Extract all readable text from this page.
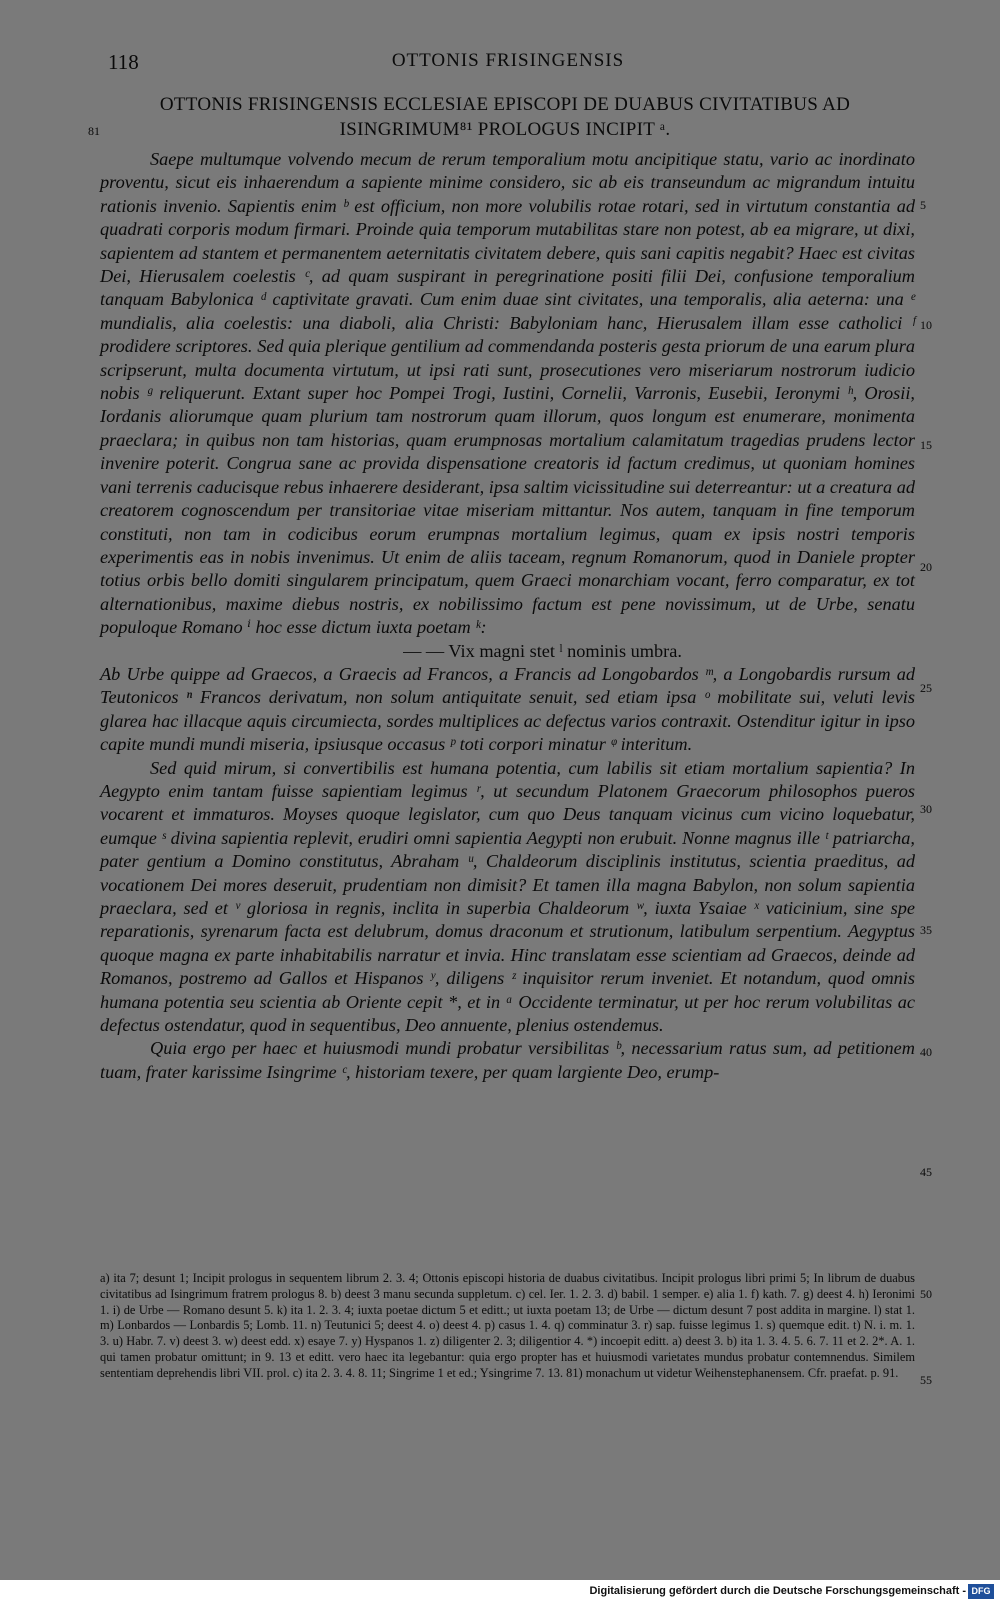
118	OTTONIS FRISINGENSIS
OTTONIS FRISINGENSIS ECCLESIAE EPISCOPI DE DUABUS CIVITATIBUS AD
ISINGRIMUM⁸¹ PROLOGUS INCIPIT ᵃ.
81

Saepe multumque volvendo mecum de rerum temporalium motu ancipitique statu, vario ac inordinato proventu, sicut eis inhaerendum a sapiente minime considero, sic ab eis transeundum ac migrandum intuitu rationis invenio. Sapientis enim ᵇ est officium, non more volubilis rotae rotari, sed in virtutum constantia ad quadrati corporis modum firmari. Proinde quia temporum mutabilitas stare non potest, ab ea migrare, ut dixi, sapientem ad stantem et permanentem aeternitatis civitatem debere, quis sani capitis negabit? Haec est civitas Dei, Hierusalem coelestis ᶜ, ad quam suspirant in peregrinatione positi filii Dei, confusione temporalium tanquam Babylonica ᵈ captivitate gravati. Cum enim duae sint civitates, una temporalis, alia aeterna: una ᵉ mundialis, alia coelestis: una diaboli, alia Christi: Babyloniam hanc, Hierusalem illam esse catholici ᶠ prodidere scriptores. Sed quia plerique gentilium ad commendanda posteris gesta priorum de una earum plura scripserunt, multa documenta virtutum, ut ipsi rati sunt, prosecutiones vero miseriarum nostrorum iudicio nobis ᵍ reliquerunt. Extant super hoc Pompei Trogi, Iustini, Cornelii, Varronis, Eusebii, Ieronymi ʰ, Orosii, Iordanis aliorumque quam plurium tam nostrorum quam illorum, quos longum est enumerare, monimenta praeclara; in quibus non tam historias, quam erumpnosas mortalium calamitatum tragedias prudens lector invenire poterit. Congrua sane ac provida dispensatione creatoris id factum credimus, ut quoniam homines vani terrenis caducisque rebus inhaerere desiderant, ipsa saltim vicissitudine sui deterreantur: ut a creatura ad creatorem cognoscendum per transitoriae vitae miseriam mittantur. Nos autem, tanquam in fine temporum constituti, non tam in codicibus eorum erumpnas mortalium legimus, quam ex ipsis nostri temporis experimentis eas in nobis invenimus. Ut enim de aliis taceam, regnum Romanorum, quod in Daniele propter totius orbis bello domiti singularem principatum, quem Graeci monarchiam vocant, ferro comparatur, ex tot alternationibus, maxime diebus nostris, ex nobilissimo factum est pene novissimum, ut de Urbe, senatu populoque Romano ⁱ hoc esse dictum iuxta poetam ᵏ:

— — Vix magni stet ˡ nominis umbra.

Ab Urbe quippe ad Graecos, a Graecis ad Francos, a Francis ad Longobardos ᵐ, a Longobardis rursum ad Teutonicos ⁿ Francos derivatum, non solum antiquitate senuit, sed etiam ipsa ᵒ mobilitate sui, veluti levis glarea hac illacque aquis circumiecta, sordes multiplices ac defectus varios contraxit. Ostenditur igitur in ipso capite mundi mundi miseria, ipsiusque occasus ᵖ toti corpori minatur ᵠ interitum.

Sed quid mirum, si convertibilis est humana potentia, cum labilis sit etiam mortalium sapientia? In Aegypto enim tantam fuisse sapientiam legimus ʳ, ut secundum Platonem Graecorum philosophos pueros vocarent et immaturos. Moyses quoque legislator, cum quo Deus tanquam vicinus cum vicino loquebatur, eumque ˢ divina sapientia replevit, erudiri omni sapientia Aegypti non erubuit. Nonne magnus ille ᵗ patriarcha, pater gentium a Domino constitutus, Abraham ᵘ, Chaldeorum disciplinis institutus, scientia praeditus, ad vocationem Dei mores deseruit, prudentiam non dimisit? Et tamen illa magna Babylon, non solum sapientia praeclara, sed et ᵛ gloriosa in regnis, inclita in superbia Chaldeorum ʷ, iuxta Ysaiae ˣ vaticinium, sine spe reparationis, syrenarum facta est delubrum, domus draconum et strutionum, latibulum serpentium. Aegyptus quoque magna ex parte inhabitabilis narratur et invia. Hinc translatam esse scientiam ad Graecos, deinde ad Romanos, postremo ad Gallos et Hispanos ʸ, diligens ᶻ inquisitor rerum inveniet. Et notandum, quod omnis humana potentia seu scientia ab Oriente cepit *, et in ᵃ Occidente terminatur, ut per hoc rerum volubilitas ac defectus ostendatur, quod in sequentibus, Deo annuente, plenius ostendemus.

Quia ergo per haec et huiusmodi mundi probatur versibilitas ᵇ, necessarium ratus sum, ad petitionem tuam, frater karissime Isingrime ᶜ, historiam texere, per quam largiente Deo, erump-

5
10
15
20
25
30
35
40
45
50
55
a) ita 7; desunt 1; Incipit prologus in sequentem librum 2. 3. 4; Ottonis episcopi historia de duabus civitatibus. Incipit prologus libri primi 5; In librum de duabus civitatibus ad Isingrimum fratrem prologus 8. b) deest 3 manu secunda suppletum. c) cel. Ier. 1. 2. 3. d) babil. 1 semper. e) alia 1. f) kath. 7. g) deest 4. h) Ieronimi 1. i) de Urbe — Romano desunt 5. k) ita 1. 2. 3. 4; iuxta poetae dictum 5 et editt.; ut iuxta poetam 13; de Urbe — dictum desunt 7 post addita in margine. l) stat 1. m) Lonbardos — Lonbardis 5; Lomb. 11. n) Teutunici 5; deest 4. o) deest 4. p) casus 1. 4. q) comminatur 3. r) sap. fuisse legimus 1. s) quemque edit. t) N. i. m. 1. 3. u) Habr. 7. v) deest 3. w) deest edd. x) esaye 7. y) Hyspanos 1. z) diligenter 2. 3; diligentior 4. *) incoepit editt. a) deest 3. b) ita 1. 3. 4. 5. 6. 7. 11 et 2. 2*. A. 1. qui tamen probatur omittunt; in 9. 13 et editt. vero haec ita legebantur: quia ergo propter has et huiusmodi varietates mundus probatur contemnendus. Similem sententiam deprehendis libri VII. prol. c) ita 2. 3. 4. 8. 11; Singrime 1 et ed.; Ysingrime 7. 13. 81) monachum ut videtur Weihenstephanensem. Cfr. praefat. p. 91.
Digitalisierung gefördert durch die Deutsche Forschungsgemeinschaft - DFG
